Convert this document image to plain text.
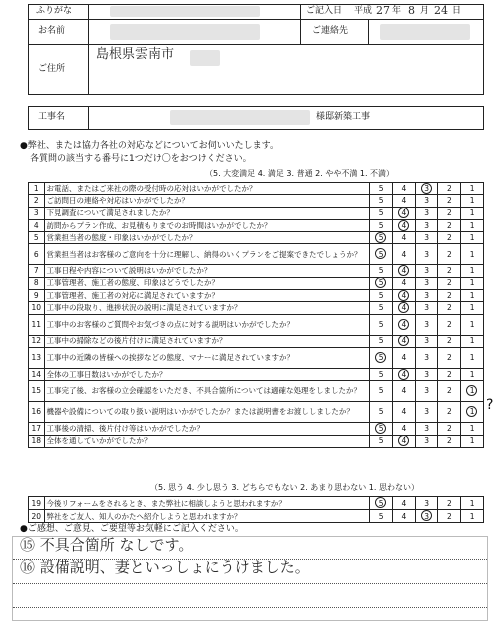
ふりがな
お名前
ご住所
島根県雲南市
ご記入日 平成 27 年 8 月 24 日
ご連絡先
工事名	様邸新築工事
●弊社、または協力各社の対応などについてお伺いいたします。
各質問の該当する番号に1つだけ〇をおつけください。
（5. 大変満足 4. 満足 3. 普通 2. やや不満 1. 不満）
1	お電話、またはご来社の際の受付時の応対はいかがでしたか？	5	4	3	2	1
2	ご訪問日の連絡や対応はいかがでしたか？	5	4	3	2	1
3	下見調査について満足されましたか？	5	4	3	2	1
4	訪問からプラン作成、お見積もりまでのお時間はいかがでしたか？	5	4	3	2	1
5	営業担当者の態度・印象はいかがでしたか？	5	4	3	2	1
6	営業担当者はお客様のご意向を十分に理解し、納得のいくプランをご提案できたでしょうか？	5	4	3	2	1
7	工事日程や内容について説明はいかがでしたか？	5	4	3	2	1
8	工事管理者、施工者の態度、印象はどうでしたか？	5	4	3	2	1
9	工事管理者、施工者の対応に満足されていますか？	5	4	3	2	1
10	工事中の段取り、進捗状況の説明に満足されていますか？	5	4	3	2	1
11	工事中のお客様のご質問やお気づきの点に対する説明はいかがでしたか？	5	4	3	2	1
12	工事中の掃除などの後片付けに満足されていますか？	5	4	3	2	1
13	工事中の近隣の皆様への挨拶などの態度、マナーに満足されていますか？	5	4	3	2	1
14	全体の工事日数はいかがでしたか？	5	4	3	2	1
15	工事完了後、お客様の立会確認をいただき、不具合箇所については適確な処理をしましたか？	5	4	3	2	1

16	機器や設備についての取り扱い説明はいかがでしたか？または説明書をお渡ししましたか？	5	4	3	2	1

17	工事後の清掃、後片付け等はいかがでしたか？	5	4	3	2	1
18	全体を通していかがでしたか？	5	4	3	2	1
?
（5. 思う 4. 少し思う 3. どちらでもない 2. あまり思わない 1. 思わない）
19	今後リフォームをされるとき、また弊社に相談しようと思われますか？	5	4	3	2	1
20	弊社をご友人、知人のかたへ紹介しようと思われますか？	5	4	3	2	1
●ご感想、ご意見、ご要望等お気軽にご記入ください。
⑮ 不具合箇所 なしです。
⑯ 設備説明、妻といっしょにうけました。
